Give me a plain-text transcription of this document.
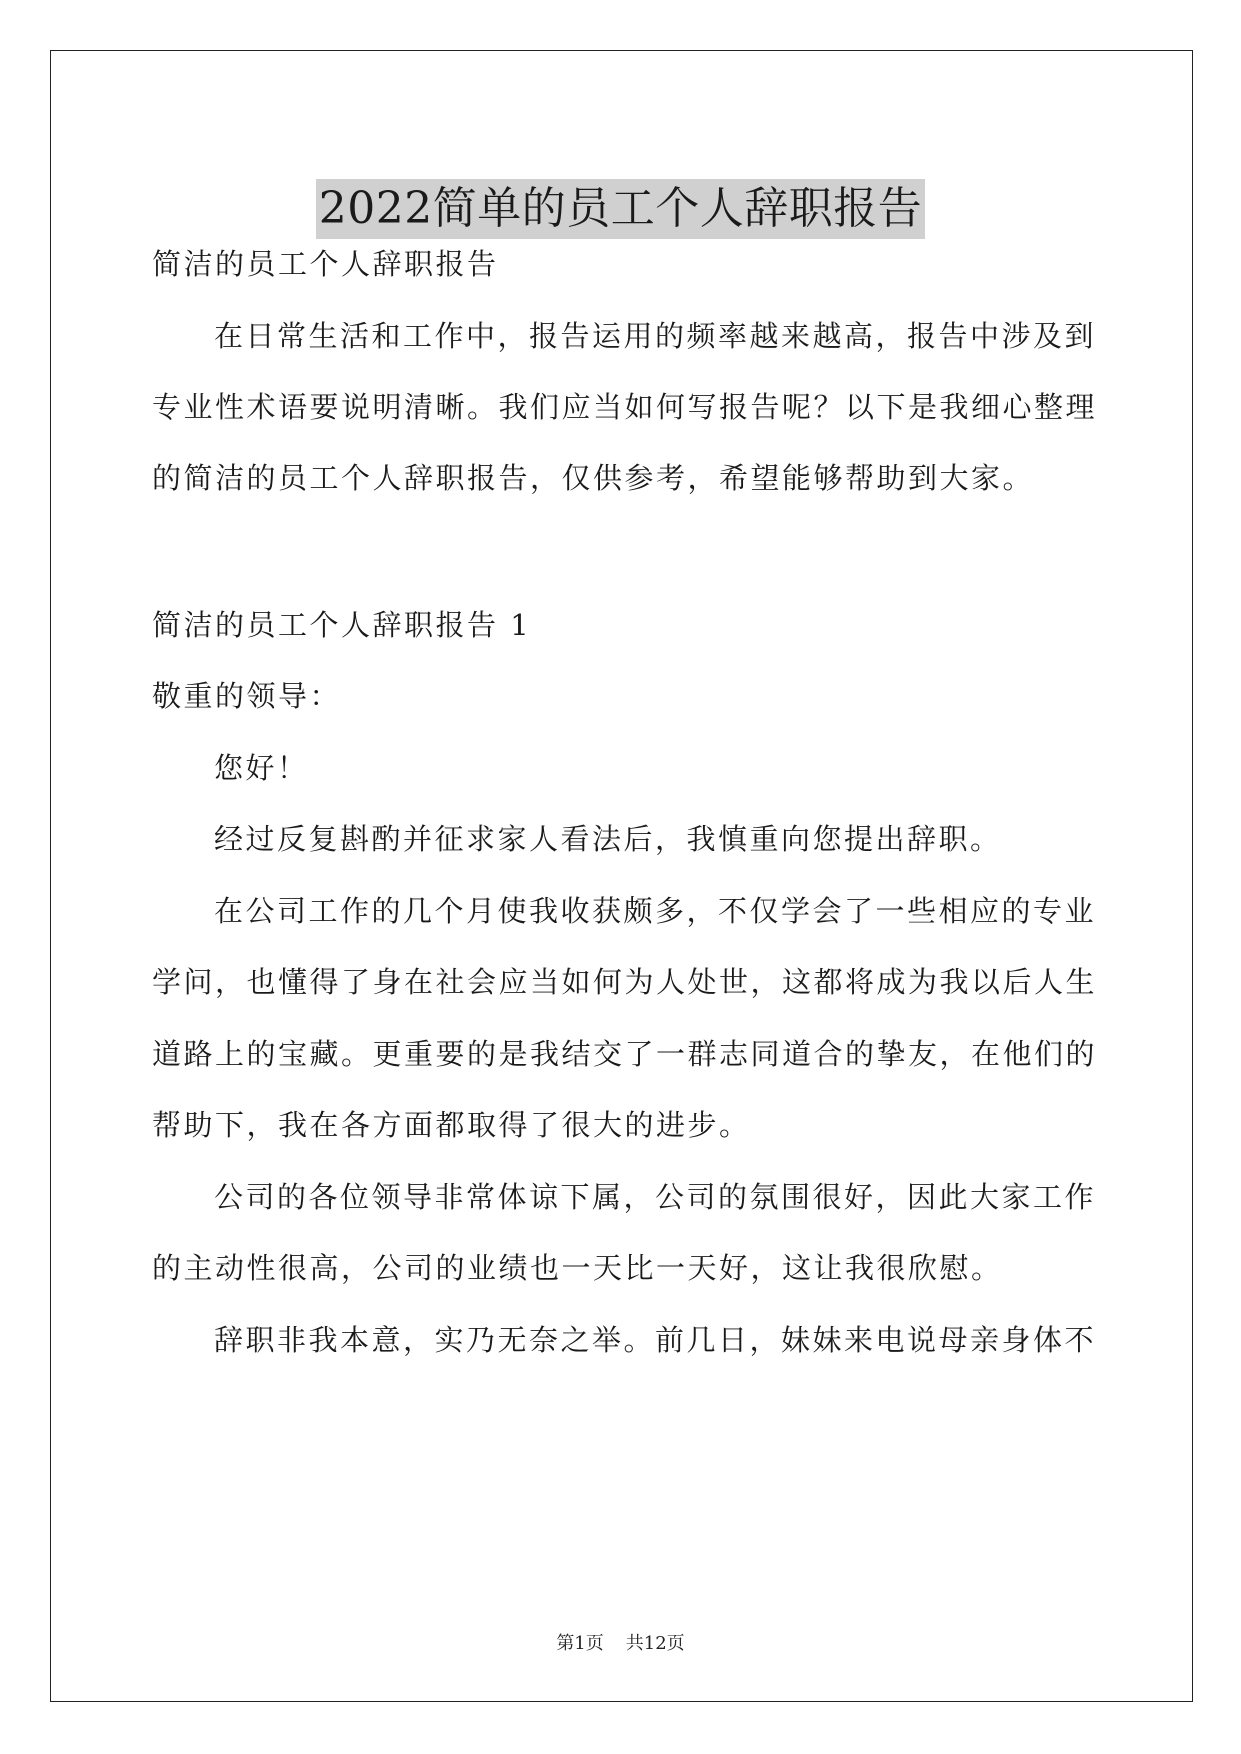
2022简单的员工个人辞职报告
简洁的员工个人辞职报告
在日常生活和工作中，报告运用的频率越来越高，报告中涉及到
专业性术语要说明清晰。我们应当如何写报告呢？以下是我细心整理
的简洁的员工个人辞职报告，仅供参考，希望能够帮助到大家。
简洁的员工个人辞职报告 1
敬重的领导：
您好！
经过反复斟酌并征求家人看法后，我慎重向您提出辞职。
在公司工作的几个月使我收获颇多，不仅学会了一些相应的专业
学问，也懂得了身在社会应当如何为人处世，这都将成为我以后人生
道路上的宝藏。更重要的是我结交了一群志同道合的挚友，在他们的
帮助下，我在各方面都取得了很大的进步。
公司的各位领导非常体谅下属，公司的氛围很好，因此大家工作
的主动性很高，公司的业绩也一天比一天好，这让我很欣慰。
辞职非我本意，实乃无奈之举。前几日，妹妹来电说母亲身体不
第1页 共12页
